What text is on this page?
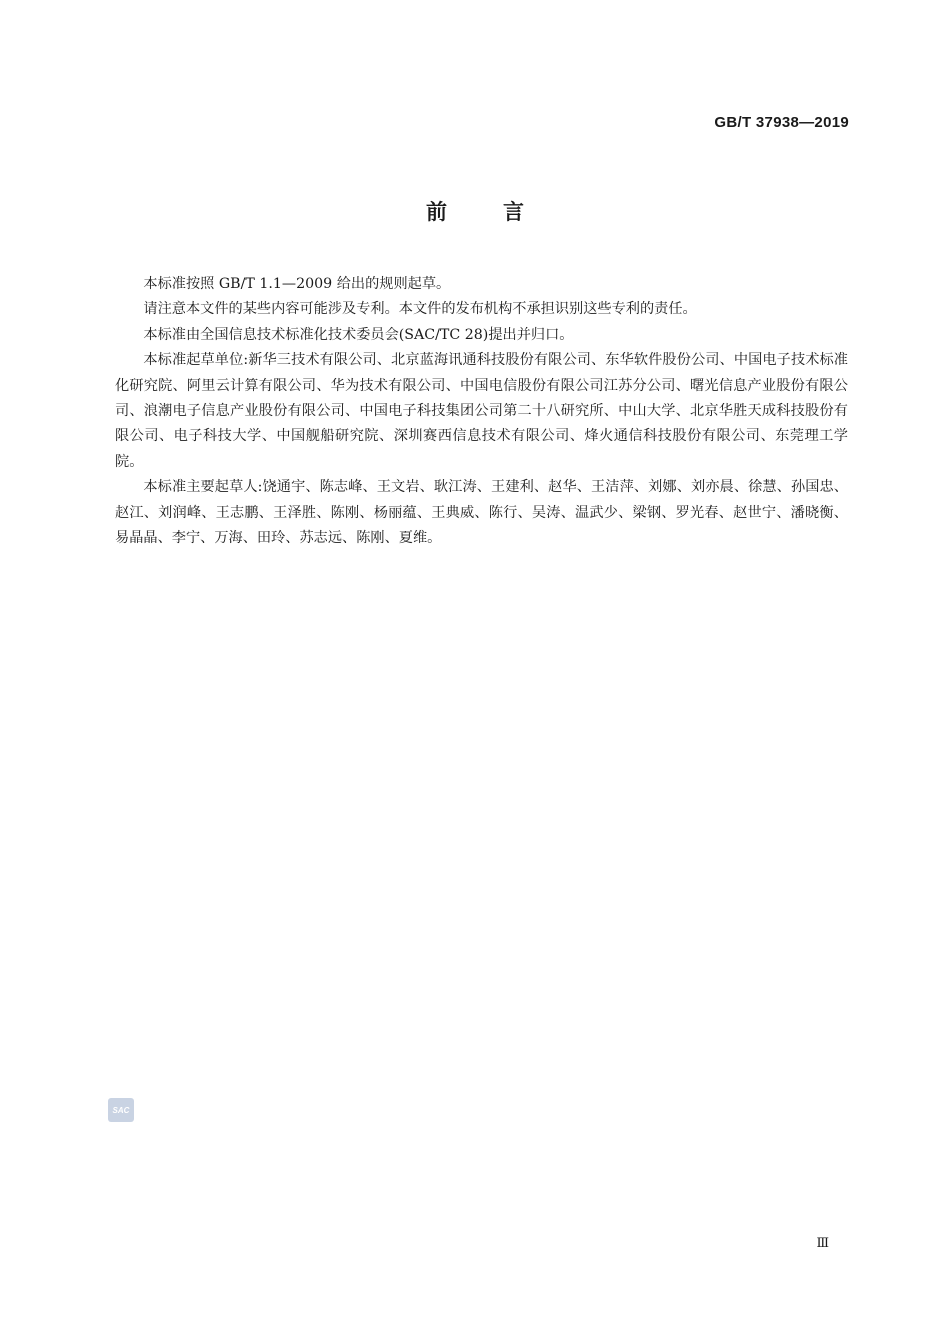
GB/T 37938—2019
前	言

本标准按照 GB/T 1.1—2009 给出的规则起草。

请注意本文件的某些内容可能涉及专利。本文件的发布机构不承担识别这些专利的责任。

本标准由全国信息技术标准化技术委员会(SAC/TC 28)提出并归口。

本标准起草单位:新华三技术有限公司、北京蓝海讯通科技股份有限公司、东华软件股份公司、中国电子技术标准化研究院、阿里云计算有限公司、华为技术有限公司、中国电信股份有限公司江苏分公司、曙光信息产业股份有限公司、浪潮电子信息产业股份有限公司、中国电子科技集团公司第二十八研究所、中山大学、北京华胜天成科技股份有限公司、电子科技大学、中国舰船研究院、深圳赛西信息技术有限公司、烽火通信科技股份有限公司、东莞理工学院。

本标准主要起草人:饶通宇、陈志峰、王文岩、耿江涛、王建利、赵华、王洁萍、刘娜、刘亦晨、徐慧、孙国忠、赵江、刘润峰、王志鹏、王泽胜、陈刚、杨丽蕴、王典威、陈行、吴涛、温武少、梁钢、罗光春、赵世宁、潘晓衡、易晶晶、李宁、万海、田玲、苏志远、陈刚、夏维。

SAC
Ⅲ
